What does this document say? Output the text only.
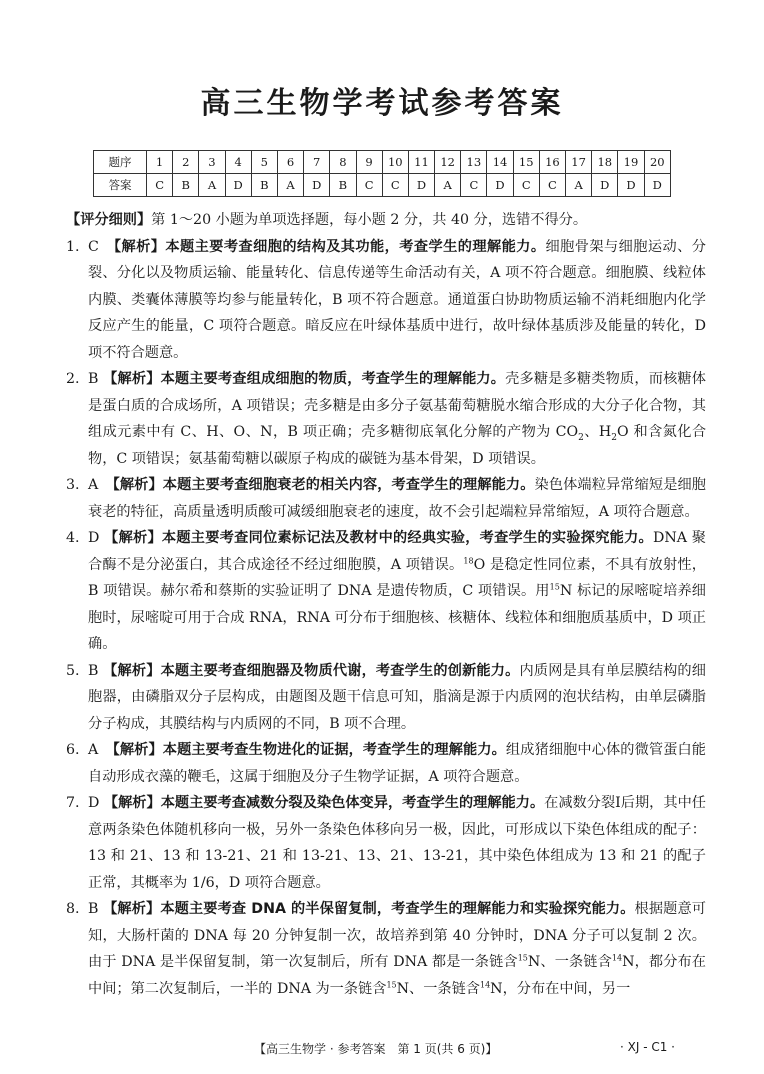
高三生物学考试参考答案
题序	1	2	3	4	5	6	7	8	9	10	11	12	13	14	15	16	17	18	19	20
答案	C	B	A	D	B	A	D	B	C	C	D	A	C	D	C	C	A	D	D	D

【评分细则】第 1～20 小题为单项选择题，每小题 2 分，共 40 分，选错不得分。

1. C　 【解析】本题主要考查细胞的结构及其功能，考查学生的理解能力。细胞骨架与细胞运动、分裂、分化以及物质运输、能量转化、信息传递等生命活动有关，A 项不符合题意。细胞膜、线粒体内膜、类囊体薄膜等均参与能量转化，B 项不符合题意。通道蛋白协助物质运输不消耗细胞内化学反应产生的能量，C 项符合题意。暗反应在叶绿体基质中进行，故叶绿体基质涉及能量的转化，D 项不符合题意。

2. B 【解析】本题主要考查组成细胞的物质，考查学生的理解能力。壳多糖是多糖类物质，而核糖体是蛋白质的合成场所，A 项错误；壳多糖是由多分子氨基葡萄糖脱水缩合形成的大分子化合物，其组成元素中有 C、H、O、N，B 项正确；壳多糖彻底氧化分解的产物为 $CO_2$、$H_2O$ 和含氮化合物，C 项错误；氨基葡萄糖以碳原子构成的碳链为基本骨架，D 项错误。

3. A　 【解析】本题主要考查细胞衰老的相关内容，考查学生的理解能力。染色体端粒异常缩短是细胞衰老的特征，高质量透明质酸可减缓细胞衰老的速度，故不会引起端粒异常缩短，A 项符合题意。

4. D 【解析】本题主要考查同位素标记法及教材中的经典实验，考查学生的实验探究能力。DNA 聚合酶不是分泌蛋白，其合成途径不经过细胞膜，A 项错误。$^{18}$O 是稳定性同位素，不具有放射性，B 项错误。赫尔希和蔡斯的实验证明了 DNA 是遗传物质，C 项错误。用$^{15}$N 标记的尿嘧啶培养细胞时，尿嘧啶可用于合成 RNA，RNA 可分布于细胞核、核糖体、线粒体和细胞质基质中，D 项正确。

5. B 【解析】本题主要考查细胞器及物质代谢，考查学生的创新能力。内质网是具有单层膜结构的细胞器，由磷脂双分子层构成，由题图及题干信息可知，脂滴是源于内质网的泡状结构，由单层磷脂分子构成，其膜结构与内质网的不同，B 项不合理。

6. A　 【解析】本题主要考查生物进化的证据，考查学生的理解能力。组成猪细胞中心体的微管蛋白能自动形成衣藻的鞭毛，这属于细胞及分子生物学证据，A 项符合题意。

7. D 【解析】本题主要考查减数分裂及染色体变异，考查学生的理解能力。在减数分裂Ⅰ后期，其中任意两条染色体随机移向一极，另外一条染色体移向另一极，因此，可形成以下染色体组成的配子：13 和 21、13 和 13-21、21 和 13-21、13、21、13-21，其中染色体组成为 13 和 21 的配子正常，其概率为 1/6，D 项符合题意。

8. B 【解析】本题主要考查 DNA 的半保留复制，考查学生的理解能力和实验探究能力。根据题意可知，大肠杆菌的 DNA 每 20 分钟复制一次，故培养到第 40 分钟时，DNA 分子可以复制 2 次。由于 DNA 是半保留复制，第一次复制后，所有 DNA 都是一条链含$^{15}$N、一条链含$^{14}$N，都分布在中间；第二次复制后，一半的 DNA 为一条链含$^{15}$N、一条链含$^{14}$N，分布在中间，另一

【高三生物学 · 参考答案　第 1 页(共 6 页)】	· XJ - C1 ·
